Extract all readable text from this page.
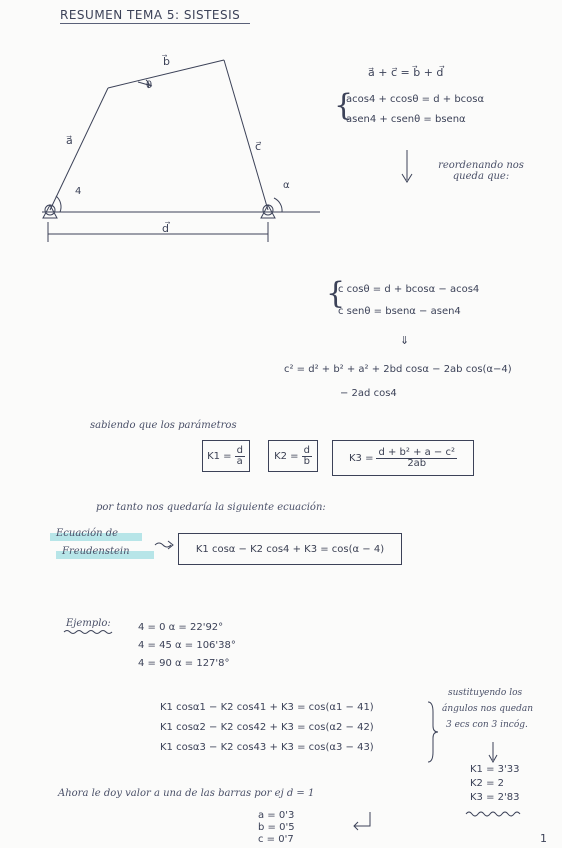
RESUMEN TEMA 5: SISTESIS
b⃗
a⃗	c⃗
d⃗
θ
4
α
a⃗ + c⃗ = b⃗ + d⃗
{
acos4 + ccosθ = d + bcosα
asen4 + csenθ = bsenα
reordenando nos queda que:
{
c cosθ = d + bcosα − acos4
c senθ = bsenα − asen4
⇓
c² = d² + b² + a² + 2bd cosα − 2ab cos(α−4)
− 2ad cos4
sabiendo que los parámetros
$K1 = \frac{d}{a}$	$K2 = \frac{d}{b}$	$K3 = \frac{\text{d + b² + a − c²}}{2ab}$
por tanto nos quedaría la siguiente ecuación:
Ecuación de
Freudenstein	K1 cosα − K2 cos4 + K3 = cos(α − 4)
Ejemplo:	4 = 0 α = 22'92°
4 = 45 α = 106'38°
4 = 90 α = 127'8°
K1 cosα1 − K2 cos41 + K3 = cos(α1 − 41)
K1 cosα2 − K2 cos42 + K3 = cos(α2 − 42)
K1 cosα3 − K2 cos43 + K3 = cos(α3 − 43)
sustituyendo los
ángulos nos quedan
3 ecs con 3 incóg.
K1 = 3'33
K2 = 2
K3 = 2'83
Ahora le doy valor a una de las barras por ej d = 1
a = 0'3
b = 0'5
c = 0'7	1
